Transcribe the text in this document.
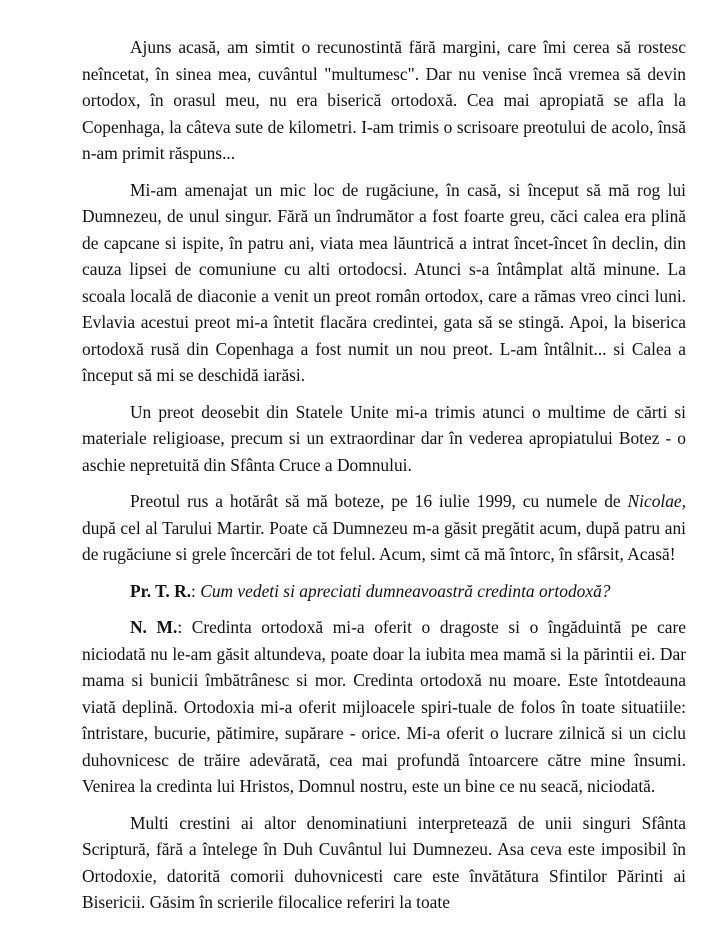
Ajuns acasă, am simtit o recunostintă fără margini, care îmi cerea să rostesc neîncetat, în sinea mea, cuvântul "multumesc". Dar nu venise încă vremea să devin ortodox, în orasul meu, nu era biserică ortodoxă. Cea mai apropiată se afla la Copenhaga, la câteva sute de kilometri. I-am trimis o scrisoare preotului de acolo, însă n-am primit răspuns...

Mi-am amenajat un mic loc de rugăciune, în casă, si început să mă rog lui Dumnezeu, de unul singur. Fără un îndrumător a fost foarte greu, căci calea era plină de capcane si ispite, în patru ani, viata mea lăuntrică a intrat încet-încet în declin, din cauza lipsei de comuniune cu alti ortodocsi. Atunci s-a întâmplat altă minune. La scoala locală de diaconie a venit un preot român ortodox, care a rămas vreo cinci luni. Evlavia acestui preot mi-a întetit flacăra credintei, gata să se stingă. Apoi, la biserica ortodoxă rusă din Copenhaga a fost numit un nou preot. L-am întâlnit... si Calea a început să mi se deschidă iarăsi.

Un preot deosebit din Statele Unite mi-a trimis atunci o multime de cărti si materiale religioase, precum si un extraordinar dar în vederea apropiatului Botez - o aschie nepretuită din Sfânta Cruce a Domnului.

Preotul rus a hotărât să mă boteze, pe 16 iulie 1999, cu numele de Nicolae, după cel al Tarului Martir. Poate că Dumnezeu m-a găsit pregătit acum, după patru ani de rugăciune si grele încercări de tot felul. Acum, simt că mă întorc, în sfârsit, Acasă!

Pr. T. R.: Cum vedeti si apreciati dumneavoastră credinta ortodoxă?

N. M.: Credinta ortodoxă mi-a oferit o dragoste si o îngăduintă pe care niciodată nu le-am găsit altundeva, poate doar la iubita mea mamă si la părintii ei. Dar mama si bunicii îmbătrânesc si mor. Credinta ortodoxă nu moare. Este întotdeauna viată deplină. Ortodoxia mi-a oferit mijloacele spiri-tuale de folos în toate situatiile: întristare, bucurie, pătimire, supărare - orice. Mi-a oferit o lucrare zilnică si un ciclu duhovnicesc de trăire adevărată, cea mai profundă întoarcere către mine însumi. Venirea la credinta lui Hristos, Domnul nostru, este un bine ce nu seacă, niciodată.

Multi crestini ai altor denominatiuni interpretează de unii singuri Sfânta Scriptură, fără a întelege în Duh Cuvântul lui Dumnezeu. Asa ceva este imposibil în Ortodoxie, datorită comorii duhovnicesti care este învătătura Sfintilor Părinti ai Bisericii. Găsim în scrierile filocalice referiri la toate
